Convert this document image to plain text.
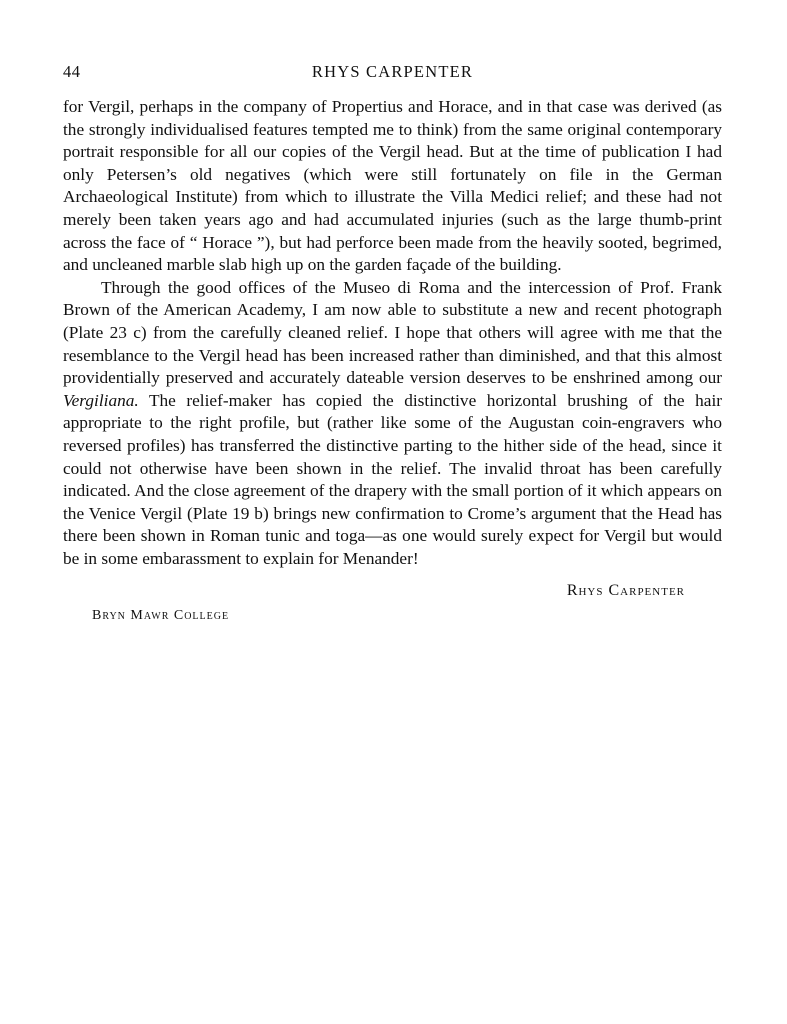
44	RHYS CARPENTER

for Vergil, perhaps in the company of Propertius and Horace, and in that case was derived (as the strongly individualised features tempted me to think) from the same original contemporary portrait responsible for all our copies of the Vergil head. But at the time of publication I had only Petersen’s old negatives (which were still fortunately on file in the German Archaeological Institute) from which to illustrate the Villa Medici relief; and these had not merely been taken years ago and had accumulated injuries (such as the large thumb-print across the face of “ Horace ”), but had perforce been made from the heavily sooted, begrimed, and uncleaned marble slab high up on the garden façade of the building.

Through the good offices of the Museo di Roma and the intercession of Prof. Frank Brown of the American Academy, I am now able to substitute a new and recent photograph (Plate 23 c) from the carefully cleaned relief. I hope that others will agree with me that the resemblance to the Vergil head has been increased rather than diminished, and that this almost providentially preserved and accurately dateable version deserves to be enshrined among our Vergiliana. The relief-maker has copied the distinctive horizontal brushing of the hair appropriate to the right profile, but (rather like some of the Augustan coin-engravers who reversed profiles) has transferred the distinctive parting to the hither side of the head, since it could not otherwise have been shown in the relief. The invalid throat has been carefully indicated. And the close agreement of the drapery with the small portion of it which appears on the Venice Vergil (Plate 19 b) brings new confirmation to Crome’s argument that the Head has there been shown in Roman tunic and toga—as one would surely expect for Vergil but would be in some embarassment to explain for Menander!

Rhys Carpenter
Bryn Mawr College
